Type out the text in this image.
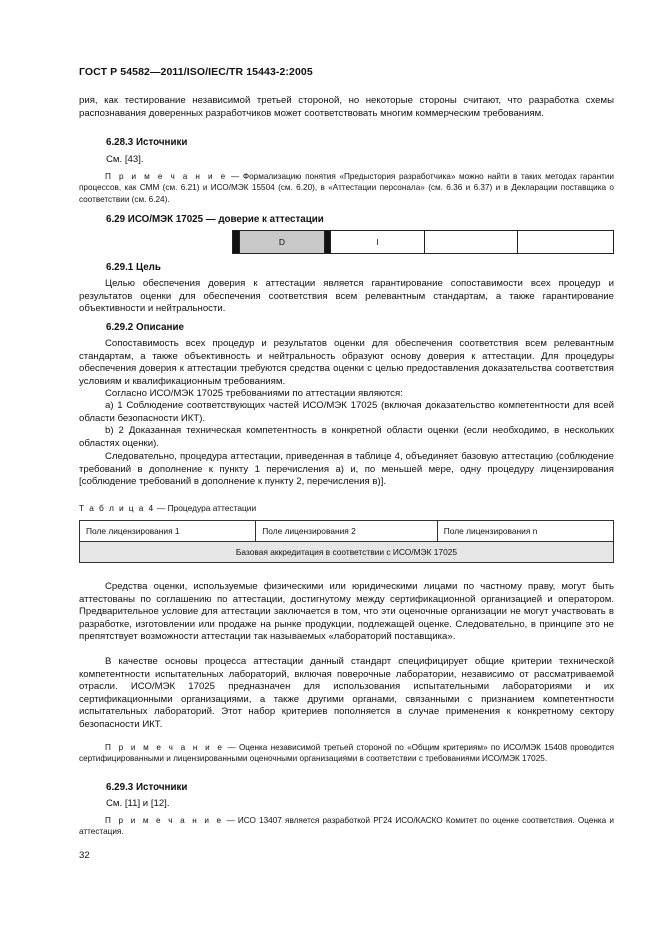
ГОСТ Р 54582—2011/ISO/IEC/TR 15443-2:2005
рия, как тестирование независимой третьей стороной, но некоторые стороны считают, что разработка схемы распознавания доверенных разработчиков может соответствовать многим коммерческим требованиям.
6.28.3 Источники
См. [43].
П р и м е ч а н и е — Формализацию понятия «Предыстория разработчика» можно найти в таких методах гарантии процессов, как СММ (см. 6.21) и ИСО/МЭК 15504 (см. 6.20), в «Аттестации персонала» (см. 6.36 и 6.37) и в Декларации поставщика о соответствии (см. 6.24).
6.29 ИСО/МЭК 17025 — доверие к аттестации
D	I
6.29.1 Цель
Целью обеспечения доверия к аттестации является гарантирование сопоставимости всех процедур и результатов оценки для обеспечения соответствия всем релевантным стандартам, а также гарантирование объективности и нейтральности.
6.29.2 Описание
Сопоставимость всех процедур и результатов оценки для обеспечения соответствия всем релевантным стандартам, а также объективность и нейтральность образуют основу доверия к аттестации. Для процедуры обеспечения доверия к аттестации требуются средства оценки с целью предоставления доказательства соответствия условиям и квалификационным требованиям.
Согласно ИСО/МЭК 17025 требованиями по аттестации являются:
а) 1 Соблюдение соответствующих частей ИСО/МЭК 17025 (включая доказательство компетентности для всей области безопасности ИКТ).
b) 2 Доказанная техническая компетентность в конкретной области оценки (если необходимо, в нескольких областях оценки).
Следовательно, процедура аттестации, приведенная в таблице 4, объединяет базовую аттестацию (соблюдение требований в дополнение к пункту 1 перечисления а) и, по меньшей мере, одну процедуру лицензирования [соблюдение требований в дополнение к пункту 2, перечисления в)].
Т а б л и ц а 4 — Процедура аттестации
Поле лицензирования 1	Поле лицензирования 2	Поле лицензирования n
Базовая аккредитация в соответствии с ИСО/МЭК 17025
Средства оценки, используемые физическими или юридическими лицами по частному праву, могут быть аттестованы по соглашению по аттестации, достигнутому между сертификационной организацией и оператором. Предварительное условие для аттестации заключается в том, что эти оценочные организации не могут участвовать в разработке, изготовлении или продаже на рынке продукции, подлежащей оценке. Следовательно, в принципе это не препятствует возможности аттестации так называемых «лабораторий поставщика».
В качестве основы процесса аттестации данный стандарт специфицирует общие критерии технической компетентности испытательных лабораторий, включая поверочные лаборатории, независимо от рассматриваемой отрасли. ИСО/МЭК 17025 предназначен для использования испытательными лабораториями и их сертификационными организациями, а также другими органами, связанными с признанием компетентности испытательных лабораторий. Этот набор критериев пополняется в случае применения к конкретному сектору безопасности ИКТ.
П р и м е ч а н и е — Оценка независимой третьей стороной по «Общим критериям» по ИСО/МЭК 15408 проводится сертифицированными и лицензированными оценочными организациями в соответствии с требованиями ИСО/МЭК 17025.
6.29.3 Источники
См. [11] и [12].
П р и м е ч а н и е — ИСО 13407 является разработкой РГ24 ИСО/КАСКО Комитет по оценке соответствия. Оценка и аттестация.
32
